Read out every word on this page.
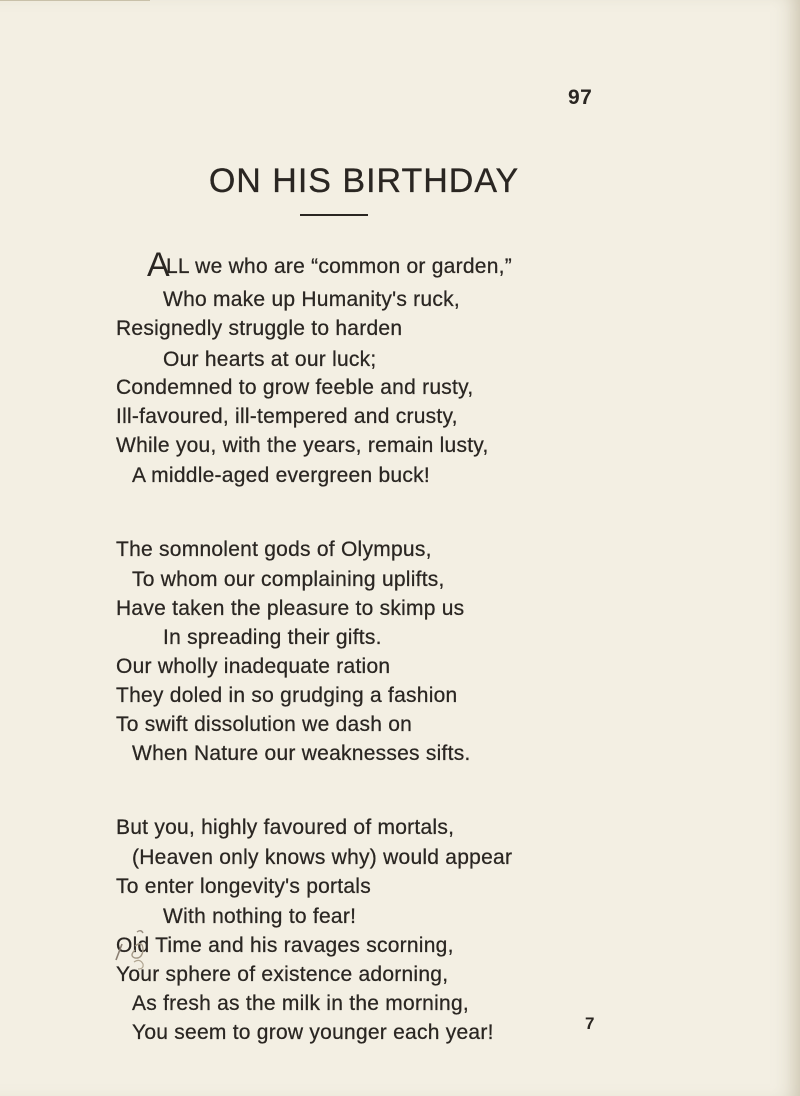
97
ON HIS BIRTHDAY
A
LL we who are “common or garden,”
Who make up Humanity's ruck,
Resignedly struggle to harden
Our hearts at our luck;
Condemned to grow feeble and rusty,
Ill-favoured, ill-tempered and crusty,
While you, with the years, remain lusty,
A middle-aged evergreen buck!
The somnolent gods of Olympus,
To whom our complaining uplifts,
Have taken the pleasure to skimp us
In spreading their gifts.
Our wholly inadequate ration
They doled in so grudging a fashion
To swift dissolution we dash on
When Nature our weaknesses sifts.
But you, highly favoured of mortals,
(Heaven only knows why) would appear
To enter longevity's portals
With nothing to fear!
Old Time and his ravages scorning,
Your sphere of existence adorning,
As fresh as the milk in the morning,
You seem to grow younger each year!	7
